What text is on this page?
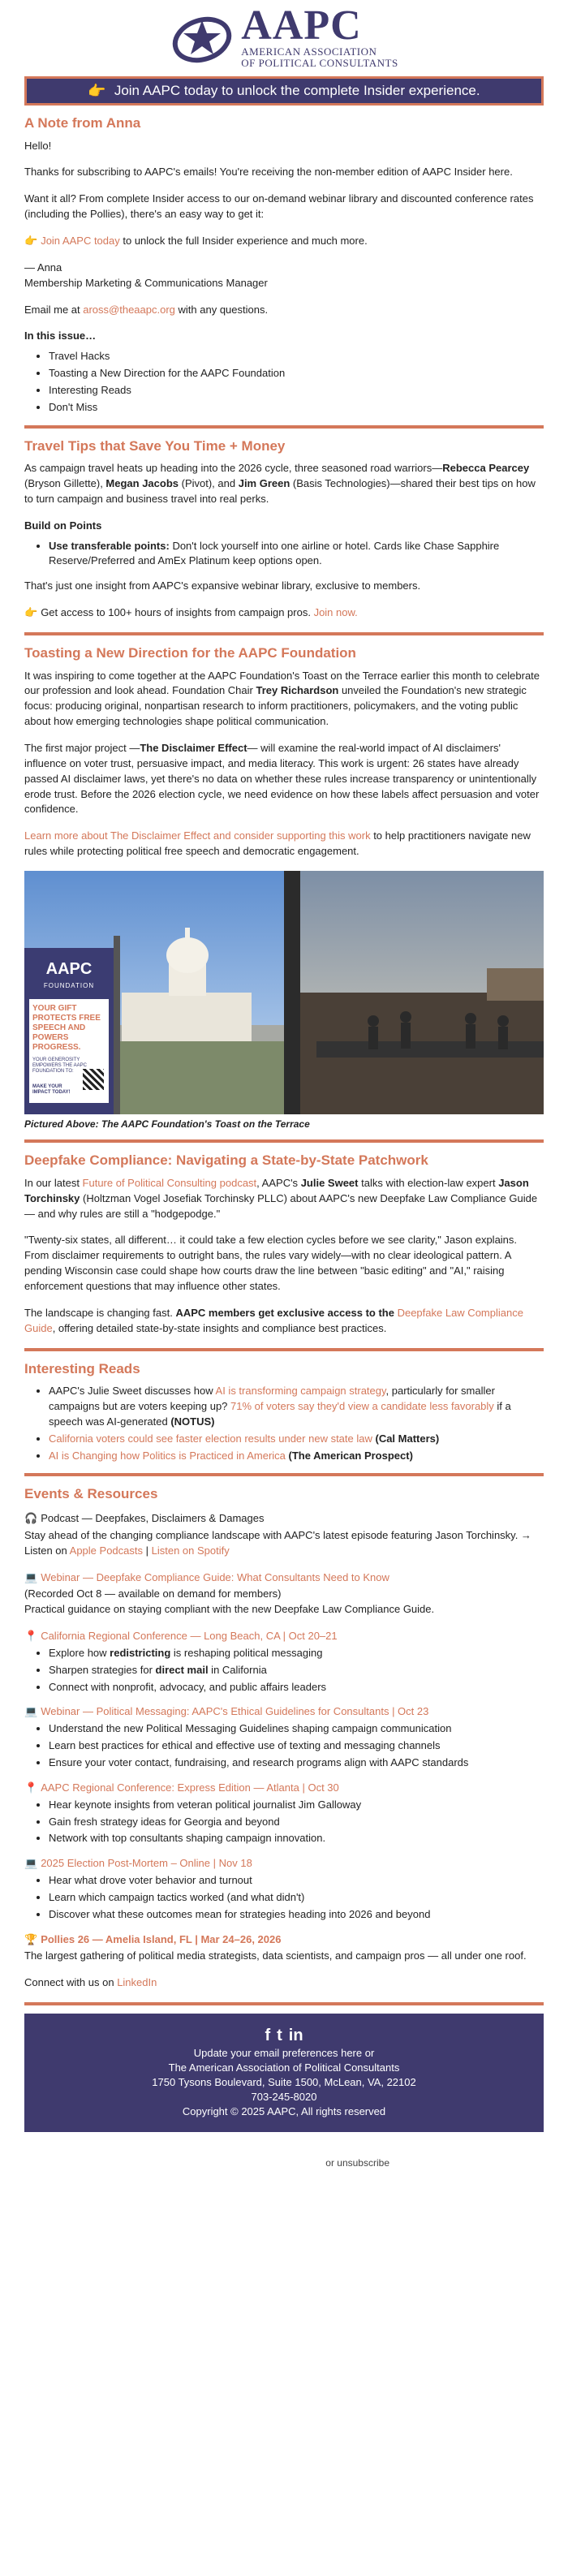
AAPC
AMERICAN ASSOCIATION
OF POLITICAL CONSULTANTS
👉 Join AAPC today to unlock the complete Insider experience.
A Note from Anna

Hello!

Thanks for subscribing to AAPC's emails! You're receiving the non-member edition of AAPC Insider here.

Want it all? From complete Insider access to our on-demand webinar library and discounted conference rates (including the Pollies), there's an easy way to get it:

👉 Join AAPC today to unlock the full Insider experience and much more.

— Anna
Membership Marketing & Communications Manager

Email me at aross@theaapc.org with any questions.

In this issue…

• Travel Hacks
• Toasting a New Direction for the AAPC Foundation
• Interesting Reads
• Don't Miss
Travel Tips that Save You Time + Money

As campaign travel heats up heading into the 2026 cycle, three seasoned road warriors—Rebecca Pearcey (Bryson Gillette), Megan Jacobs (Pivot), and Jim Green (Basis Technologies)—shared their best tips on how to turn campaign and business travel into real perks.

Build on Points

• Use transferable points: Don't lock yourself into one airline or hotel. Cards like Chase Sapphire Reserve/Preferred and AmEx Platinum keep options open.

That's just one insight from AAPC's expansive webinar library, exclusive to members.

👉 Get access to 100+ hours of insights from campaign pros. Join now.

Toasting a New Direction for the AAPC Foundation

It was inspiring to come together at the AAPC Foundation's Toast on the Terrace earlier this month to celebrate our profession and look ahead. Foundation Chair Trey Richardson unveiled the Foundation's new strategic focus: producing original, nonpartisan research to inform practitioners, policymakers, and the voting public about how emerging technologies shape political communication.

The first major project —The Disclaimer Effect— will examine the real-world impact of AI disclaimers' influence on voter trust, persuasive impact, and media literacy. This work is urgent: 26 states have already passed AI disclaimer laws, yet there's no data on whether these rules increase transparency or unintentionally erode trust. Before the 2026 election cycle, we need evidence on how these labels affect persuasion and voter confidence.

Learn more about The Disclaimer Effect and consider supporting this work to help practitioners navigate new rules while protecting political free speech and democratic engagement.

AAPC
FOUNDATION
YOUR GIFT
PROTECTS FREE
SPEECH AND
POWERS PROGRESS.
YOUR GENEROSITY EMPOWERS THE AAPC FOUNDATION TO:
MAKE YOUR
IMPACT TODAY!
Pictured Above: The AAPC Foundation's Toast on the Terrace
Deepfake Compliance: Navigating a State-by-State Patchwork

In our latest Future of Political Consulting podcast, AAPC's Julie Sweet talks with election-law expert Jason Torchinsky (Holtzman Vogel Josefiak Torchinsky PLLC) about AAPC's new Deepfake Law Compliance Guide — and why rules are still a "hodgepodge."

"Twenty-six states, all different… it could take a few election cycles before we see clarity," Jason explains. From disclaimer requirements to outright bans, the rules vary widely—with no clear ideological pattern. A pending Wisconsin case could shape how courts draw the line between "basic editing" and "AI," raising enforcement questions that may influence other states.

The landscape is changing fast. AAPC members get exclusive access to the Deepfake Law Compliance Guide, offering detailed state-by-state insights and compliance best practices.

Interesting Reads
• AAPC's Julie Sweet discusses how AI is transforming campaign strategy, particularly for smaller campaigns but are voters keeping up? 71% of voters say they'd view a candidate less favorably if a speech was AI-generated (NOTUS)
• California voters could see faster election results under new state law (Cal Matters)
• AI is Changing how Politics is Practiced in America (The American Prospect)
Events & Resources
🎧 Podcast — Deepfakes, Disclaimers & Damages

Stay ahead of the changing compliance landscape with AAPC's latest episode featuring Jason Torchinsky. → Listen on Apple Podcasts | Listen on Spotify

💻 Webinar — Deepfake Compliance Guide: What Consultants Need to Know

(Recorded Oct 8 — available on demand for members)
Practical guidance on staying compliant with the new Deepfake Law Compliance Guide.

📍 California Regional Conference — Long Beach, CA | Oct 20–21
• Explore how redistricting is reshaping political messaging
• Sharpen strategies for direct mail in California
• Connect with nonprofit, advocacy, and public affairs leaders
💻 Webinar — Political Messaging: AAPC's Ethical Guidelines for Consultants | Oct 23
• Understand the new Political Messaging Guidelines shaping campaign communication
• Learn best practices for ethical and effective use of texting and messaging channels
• Ensure your voter contact, fundraising, and research programs align with AAPC standards
📍 AAPC Regional Conference: Express Edition — Atlanta | Oct 30
• Hear keynote insights from veteran political journalist Jim Galloway
• Gain fresh strategy ideas for Georgia and beyond
• Network with top consultants shaping campaign innovation.
💻 2025 Election Post-Mortem – Online | Nov 18
• Hear what drove voter behavior and turnout
• Learn which campaign tactics worked (and what didn't)
• Discover what these outcomes mean for strategies heading into 2026 and beyond
🏆 Pollies 26 — Amelia Island, FL | Mar 24–26, 2026

The largest gathering of political media strategists, data scientists, and campaign pros — all under one roof.

Connect with us on LinkedIn

f t in
Update your email preferences here or
The American Association of Political Consultants
1750 Tysons Boulevard, Suite 1500, McLean, VA, 22102
703-245-8020
Copyright © 2025 AAPC, All rights reserved
or unsubscribe
